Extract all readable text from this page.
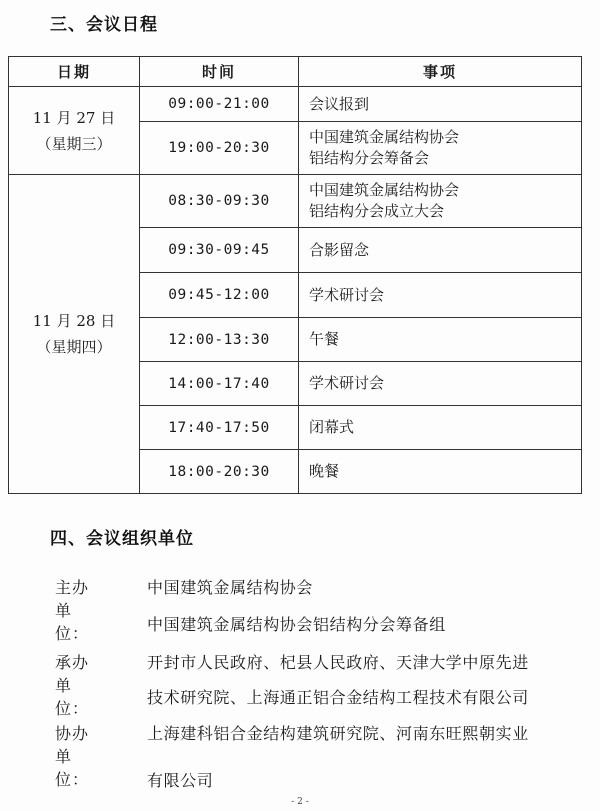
三、会议日程
日期	时间	事项

11 月 27 日
（星期三）	09:00-21:00	会议报到
	19:00-20:30	中国建筑金属结构协会
铝结构分会筹备会

11 月 28 日
（星期四）	08:30-09:30	中国建筑金属结构协会
铝结构分会成立大会

	09:30-09:45	合影留念
	09:45-12:00	学术研讨会
	12:00-13:30	午餐
	14:00-17:40	学术研讨会
	17:40-17:50	闭幕式
	18:00-20:30	晚餐
四、会议组织单位
主办单位：
中国建筑金属结构协会
中国建筑金属结构协会铝结构分会筹备组
承办单位：
开封市人民政府、杞县人民政府、天津大学中原先进
技术研究院、上海通正铝合金结构工程技术有限公司
协办单位：
上海建科铝合金结构建筑研究院、河南东旺熙朝实业
有限公司
- 2 -
